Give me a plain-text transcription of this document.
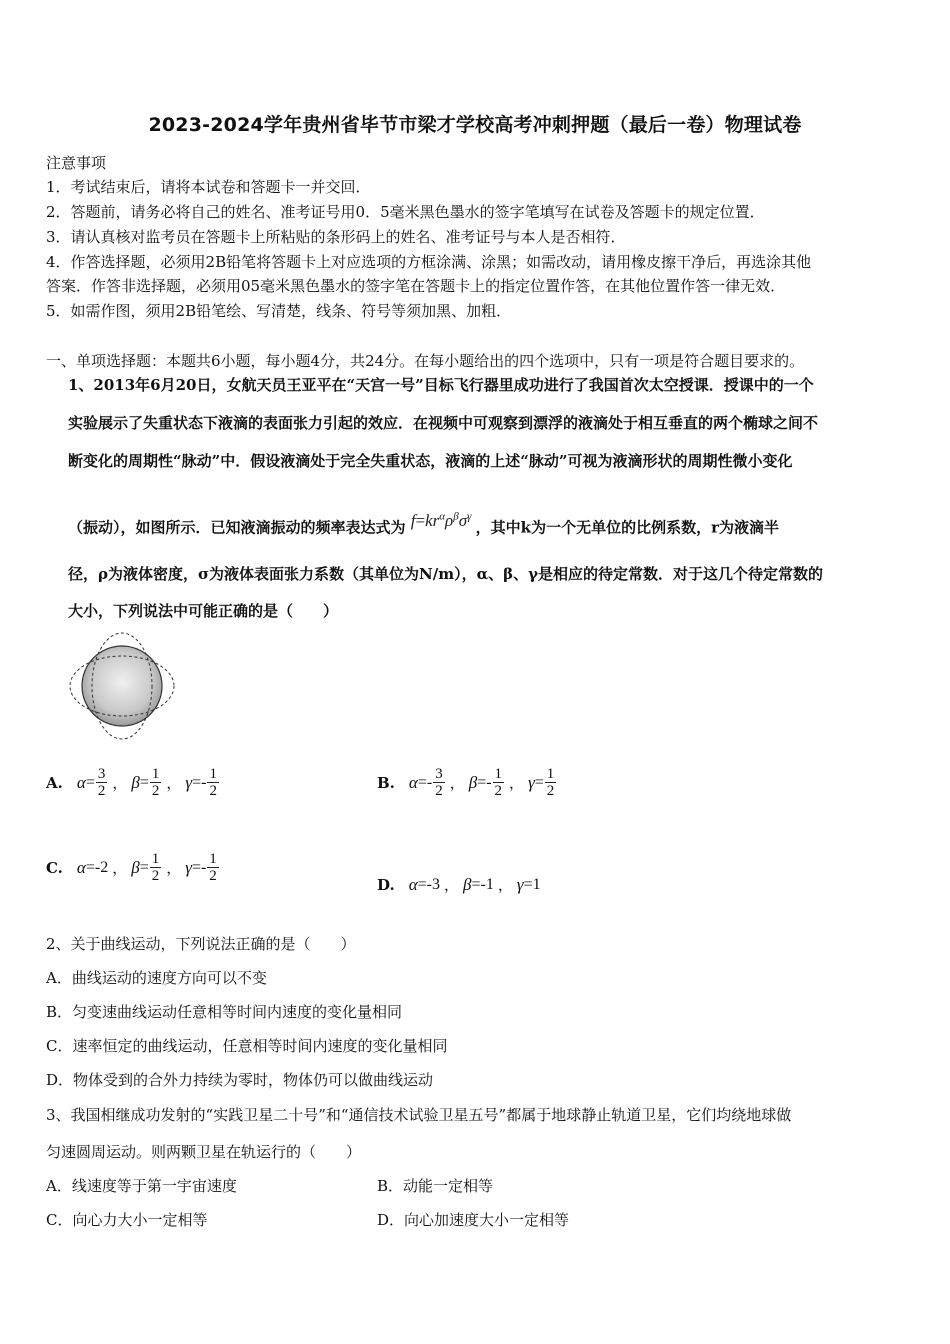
2023-2024学年贵州省毕节市梁才学校高考冲刺押题（最后一卷）物理试卷
注意事项
1．考试结束后，请将本试卷和答题卡一并交回．
2．答题前，请务必将自己的姓名、准考证号用0．5毫米黑色墨水的签字笔填写在试卷及答题卡的规定位置．
3．请认真核对监考员在答题卡上所粘贴的条形码上的姓名、准考证号与本人是否相符．
4．作答选择题，必须用2B铅笔将答题卡上对应选项的方框涂满、涂黑；如需改动，请用橡皮擦干净后，再选涂其他
答案．作答非选择题，必须用05毫米黑色墨水的签字笔在答题卡上的指定位置作答，在其他位置作答一律无效．
5．如需作图，须用2B铅笔绘、写清楚，线条、符号等须加黑、加粗．
一、单项选择题：本题共6小题，每小题4分，共24分。在每小题给出的四个选项中，只有一项是符合题目要求的。
1、2013年6月20日，女航天员王亚平在“天宫一号”目标飞行器里成功进行了我国首次太空授课．授课中的一个
实验展示了失重状态下液滴的表面张力引起的效应．在视频中可观察到漂浮的液滴处于相互垂直的两个椭球之间不
断变化的周期性“脉动”中．假设液滴处于完全失重状态，液滴的上述“脉动”可视为液滴形状的周期性微小变化
（振动），如图所示．已知液滴振动的频率表达式为 $f=kr^\alpha\rho^\beta\sigma^\gamma$ ，其中k为一个无单位的比例系数，r为液滴半
径，ρ为液体密度，σ为液体表面张力系数（其单位为N/m），α、β、γ是相应的待定常数．对于这几个待定常数的
大小，下列说法中可能正确的是（　　）
A. $\alpha = \frac{3}{2}$ ， $\beta = \frac{1}{2}$ ， $\gamma =- \frac{1}{2}$	B. $\alpha =- \frac{3}{2}$ ， $\beta =- \frac{1}{2}$ ， $\gamma = \frac{1}{2}$
C. α =-2 ， $\beta = \frac{1}{2}$ ， $\gamma =- \frac{1}{2}$
D. α =-3 ， β =-1 ， γ =1
2、关于曲线运动，下列说法正确的是（　　）
A．曲线运动的速度方向可以不变
B．匀变速曲线运动任意相等时间内速度的变化量相同
C．速率恒定的曲线运动，任意相等时间内速度的变化量相同
D．物体受到的合外力持续为零时，物体仍可以做曲线运动
3、我国相继成功发射的“实践卫星二十号”和“通信技术试验卫星五号”都属于地球静止轨道卫星，它们均绕地球做
匀速圆周运动。则两颗卫星在轨运行的（　　）
A．线速度等于第一宇宙速度	B．动能一定相等
C．向心力大小一定相等	D．向心加速度大小一定相等
